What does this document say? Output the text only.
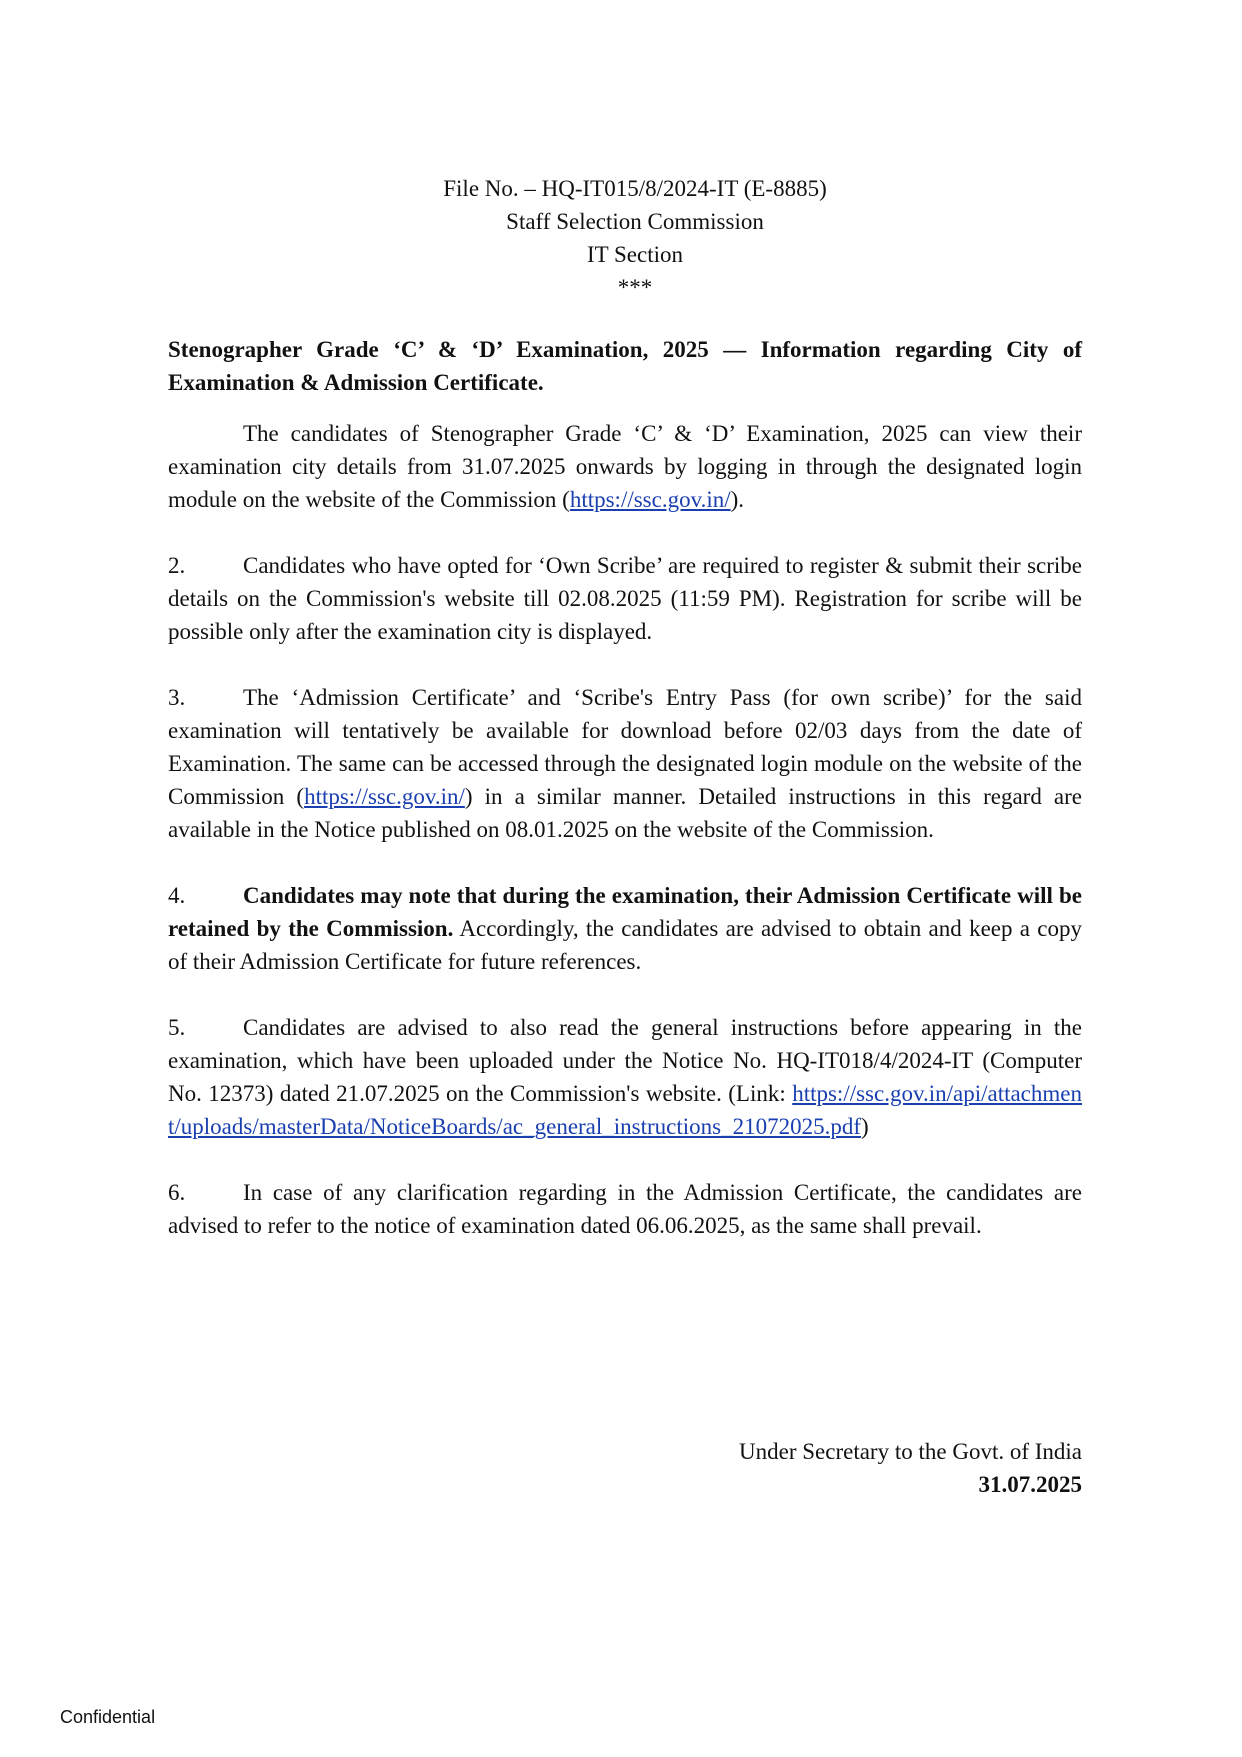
File No. – HQ-IT015/8/2024-IT (E-8885)
Staff Selection Commission
IT Section
***

Stenographer Grade ‘C’ & ‘D’ Examination, 2025 — Information regarding City of Examination & Admission Certificate.

The candidates of Stenographer Grade ‘C’ & ‘D’ Examination, 2025 can view their examination city details from 31.07.2025 onwards by logging in through the designated login module on the website of the Commission (https://ssc.gov.in/).

2.	Candidates who have opted for ‘Own Scribe’ are required to register & submit their scribe details on the Commission's website till 02.08.2025 (11:59 PM). Registration for scribe will be possible only after the examination city is displayed.

3.	The ‘Admission Certificate’ and ‘Scribe's Entry Pass (for own scribe)’ for the said examination will tentatively be available for download before 02/03 days from the date of Examination. The same can be accessed through the designated login module on the website of the Commission (https://ssc.gov.in/) in a similar manner. Detailed instructions in this regard are available in the Notice published on 08.01.2025 on the website of the Commission.

4.	Candidates may note that during the examination, their Admission Certificate will be retained by the Commission. Accordingly, the candidates are advised to obtain and keep a copy of their Admission Certificate for future references.

5.	Candidates are advised to also read the general instructions before appearing in the examination, which have been uploaded under the Notice No. HQ-IT018/4/2024-IT (Computer No. 12373) dated 21.07.2025 on the Commission's website. (Link: https://ssc.gov.in/api/attachment/uploads/masterData/NoticeBoards/ac_general_instructions_21072025.pdf)

6.	In case of any clarification regarding in the Admission Certificate, the candidates are advised to refer to the notice of examination dated 06.06.2025, as the same shall prevail.

Under Secretary to the Govt. of India
31.07.2025
Confidential
